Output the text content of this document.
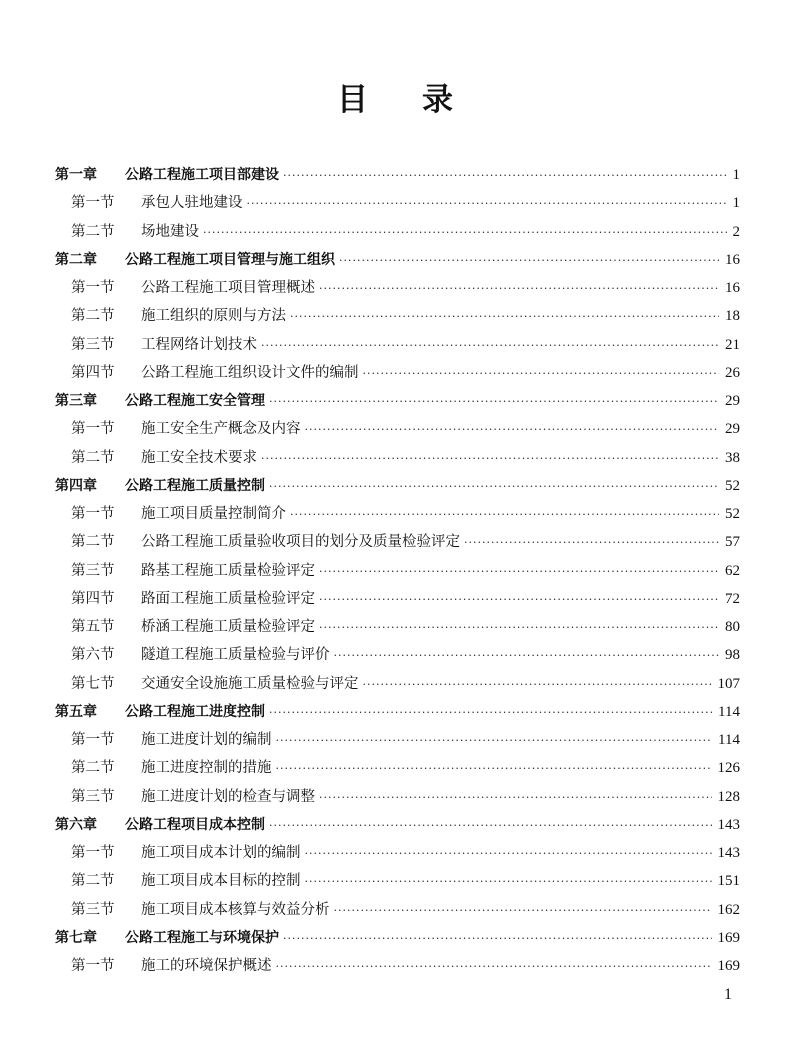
目录
第一章	公路工程施工项目部建设 ·····	1
第一节	承包人驻地建设 ·····	1
第二节	场地建设 ·····	2
第二章	公路工程施工项目管理与施工组织 ·····	16
第一节	公路工程施工项目管理概述 ·····	16
第二节	施工组织的原则与方法 ·····	18
第三节	工程网络计划技术 ·····	21
第四节	公路工程施工组织设计文件的编制 ·····	26
第三章	公路工程施工安全管理 ·····	29
第一节	施工安全生产概念及内容 ·····	29
第二节	施工安全技术要求 ·····	38
第四章	公路工程施工质量控制 ·····	52
第一节	施工项目质量控制简介 ·····	52
第二节	公路工程施工质量验收项目的划分及质量检验评定 ·····	57
第三节	路基工程施工质量检验评定 ·····	62
第四节	路面工程施工质量检验评定 ·····	72
第五节	桥涵工程施工质量检验评定 ·····	80
第六节	隧道工程施工质量检验与评价 ·····	98
第七节	交通安全设施施工质量检验与评定 ·····	107
第五章	公路工程施工进度控制 ·····	114
第一节	施工进度计划的编制 ·····	114
第二节	施工进度控制的措施 ·····	126
第三节	施工进度计划的检查与调整 ·····	128
第六章	公路工程项目成本控制 ·····	143
第一节	施工项目成本计划的编制 ·····	143
第二节	施工项目成本目标的控制 ·····	151
第三节	施工项目成本核算与效益分析 ·····	162
第七章	公路工程施工与环境保护 ·····	169
第一节	施工的环境保护概述 ·····	169
1
